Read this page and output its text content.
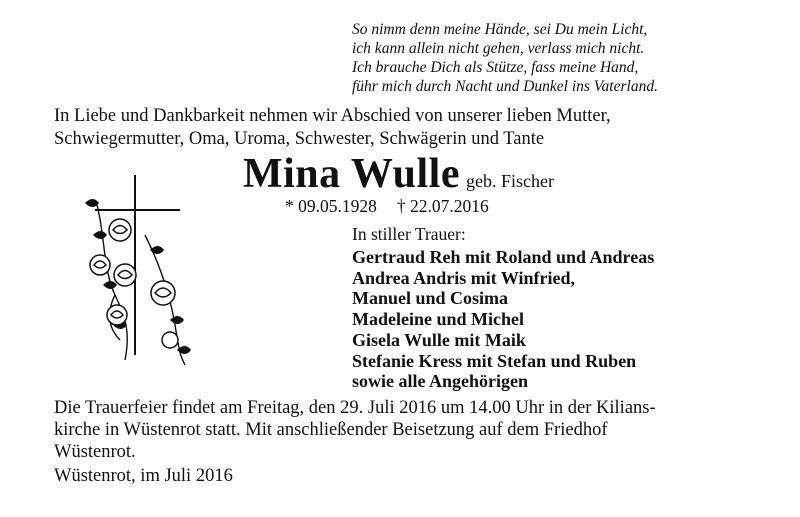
So nimm denn meine Hände, sei Du mein Licht,
ich kann allein nicht gehen, verlass mich nicht.
Ich brauche Dich als Stütze, fass meine Hand,
führ mich durch Nacht und Dunkel ins Vaterland.
In Liebe und Dankbarkeit nehmen wir Abschied von unserer lieben Mutter,
Schwiegermutter, Oma, Uroma, Schwester, Schwägerin und Tante
Mina Wulle geb. Fischer
* 09.05.1928 † 22.07.2016
In stiller Trauer:
Gertraud Reh mit Roland und Andreas
Andrea Andris mit Winfried,
Manuel und Cosima
Madeleine und Michel
Gisela Wulle mit Maik
Stefanie Kress mit Stefan und Ruben
sowie alle Angehörigen
Die Trauerfeier findet am Freitag, den 29. Juli 2016 um 14.00 Uhr in der Kilians-
kirche in Wüstenrot statt. Mit anschließender Beisetzung auf dem Friedhof
Wüstenrot.
Wüstenrot, im Juli 2016
